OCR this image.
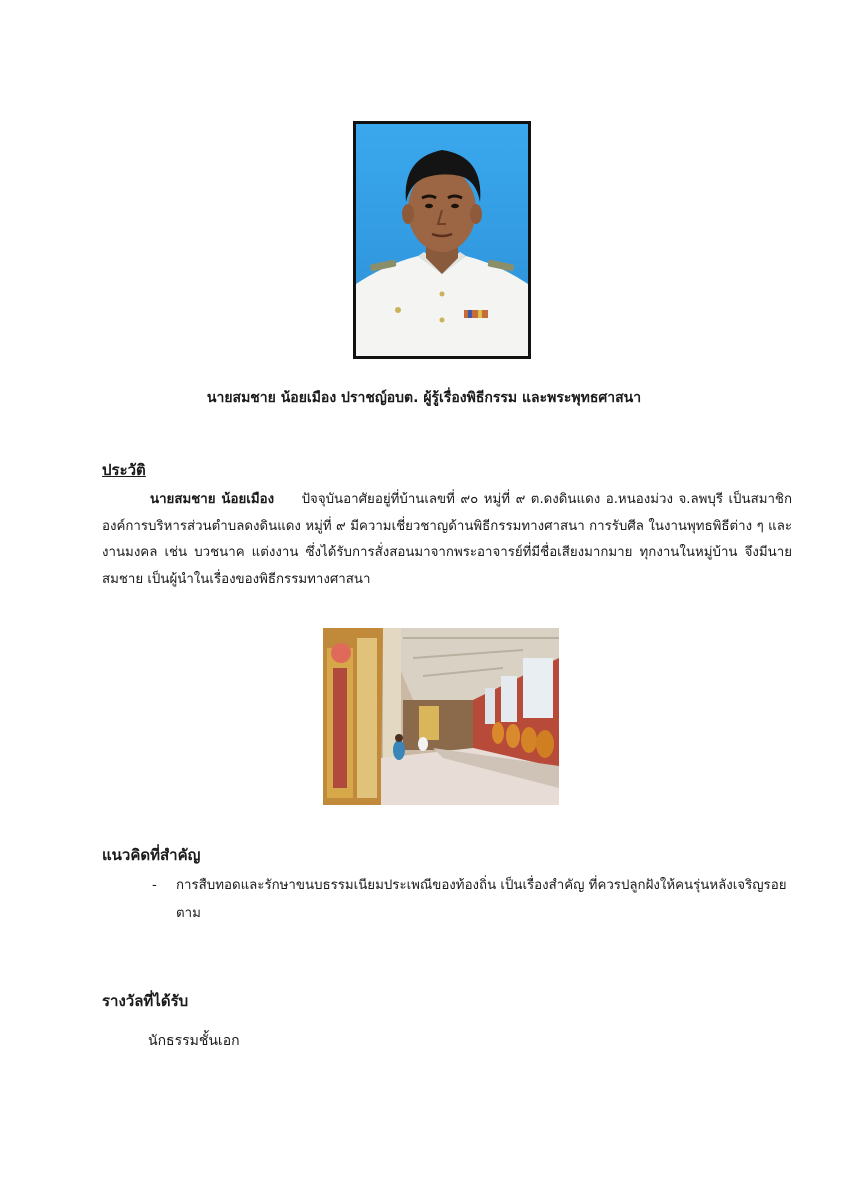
นายสมชาย น้อยเมือง ปราชญ์อบต. ผู้รู้เรื่องพิธีกรรม และพระพุทธศาสนา
ประวัติ
นายสมชาย น้อยเมือง ปัจจุบันอาศัยอยู่ที่บ้านเลขที่ ๙๐ หมู่ที่ ๙ ต.ดงดินแดง อ.หนองม่วง จ.ลพบุรี เป็นสมาชิกองค์การบริหารส่วนตำบลดงดินแดง หมู่ที่ ๙ มีความเชี่ยวชาญด้านพิธีกรรมทางศาสนา การรับศีล ในงานพุทธพิธีต่าง ๆ และงานมงคล เช่น บวชนาค แต่งงาน ซึ่งได้รับการสั่งสอนมาจากพระอาจารย์ที่มีชื่อเสียงมากมาย ทุกงานในหมู่บ้าน จึงมีนายสมชาย เป็นผู้นำในเรื่องของพิธีกรรมทางศาสนา
แนวคิดที่สำคัญ
- การสืบทอดและรักษาขนบธรรมเนียมประเพณีของท้องถิ่น เป็นเรื่องสำคัญ ที่ควรปลูกฝังให้คนรุ่นหลังเจริญรอยตาม
รางวัลที่ได้รับ
นักธรรมชั้นเอก
